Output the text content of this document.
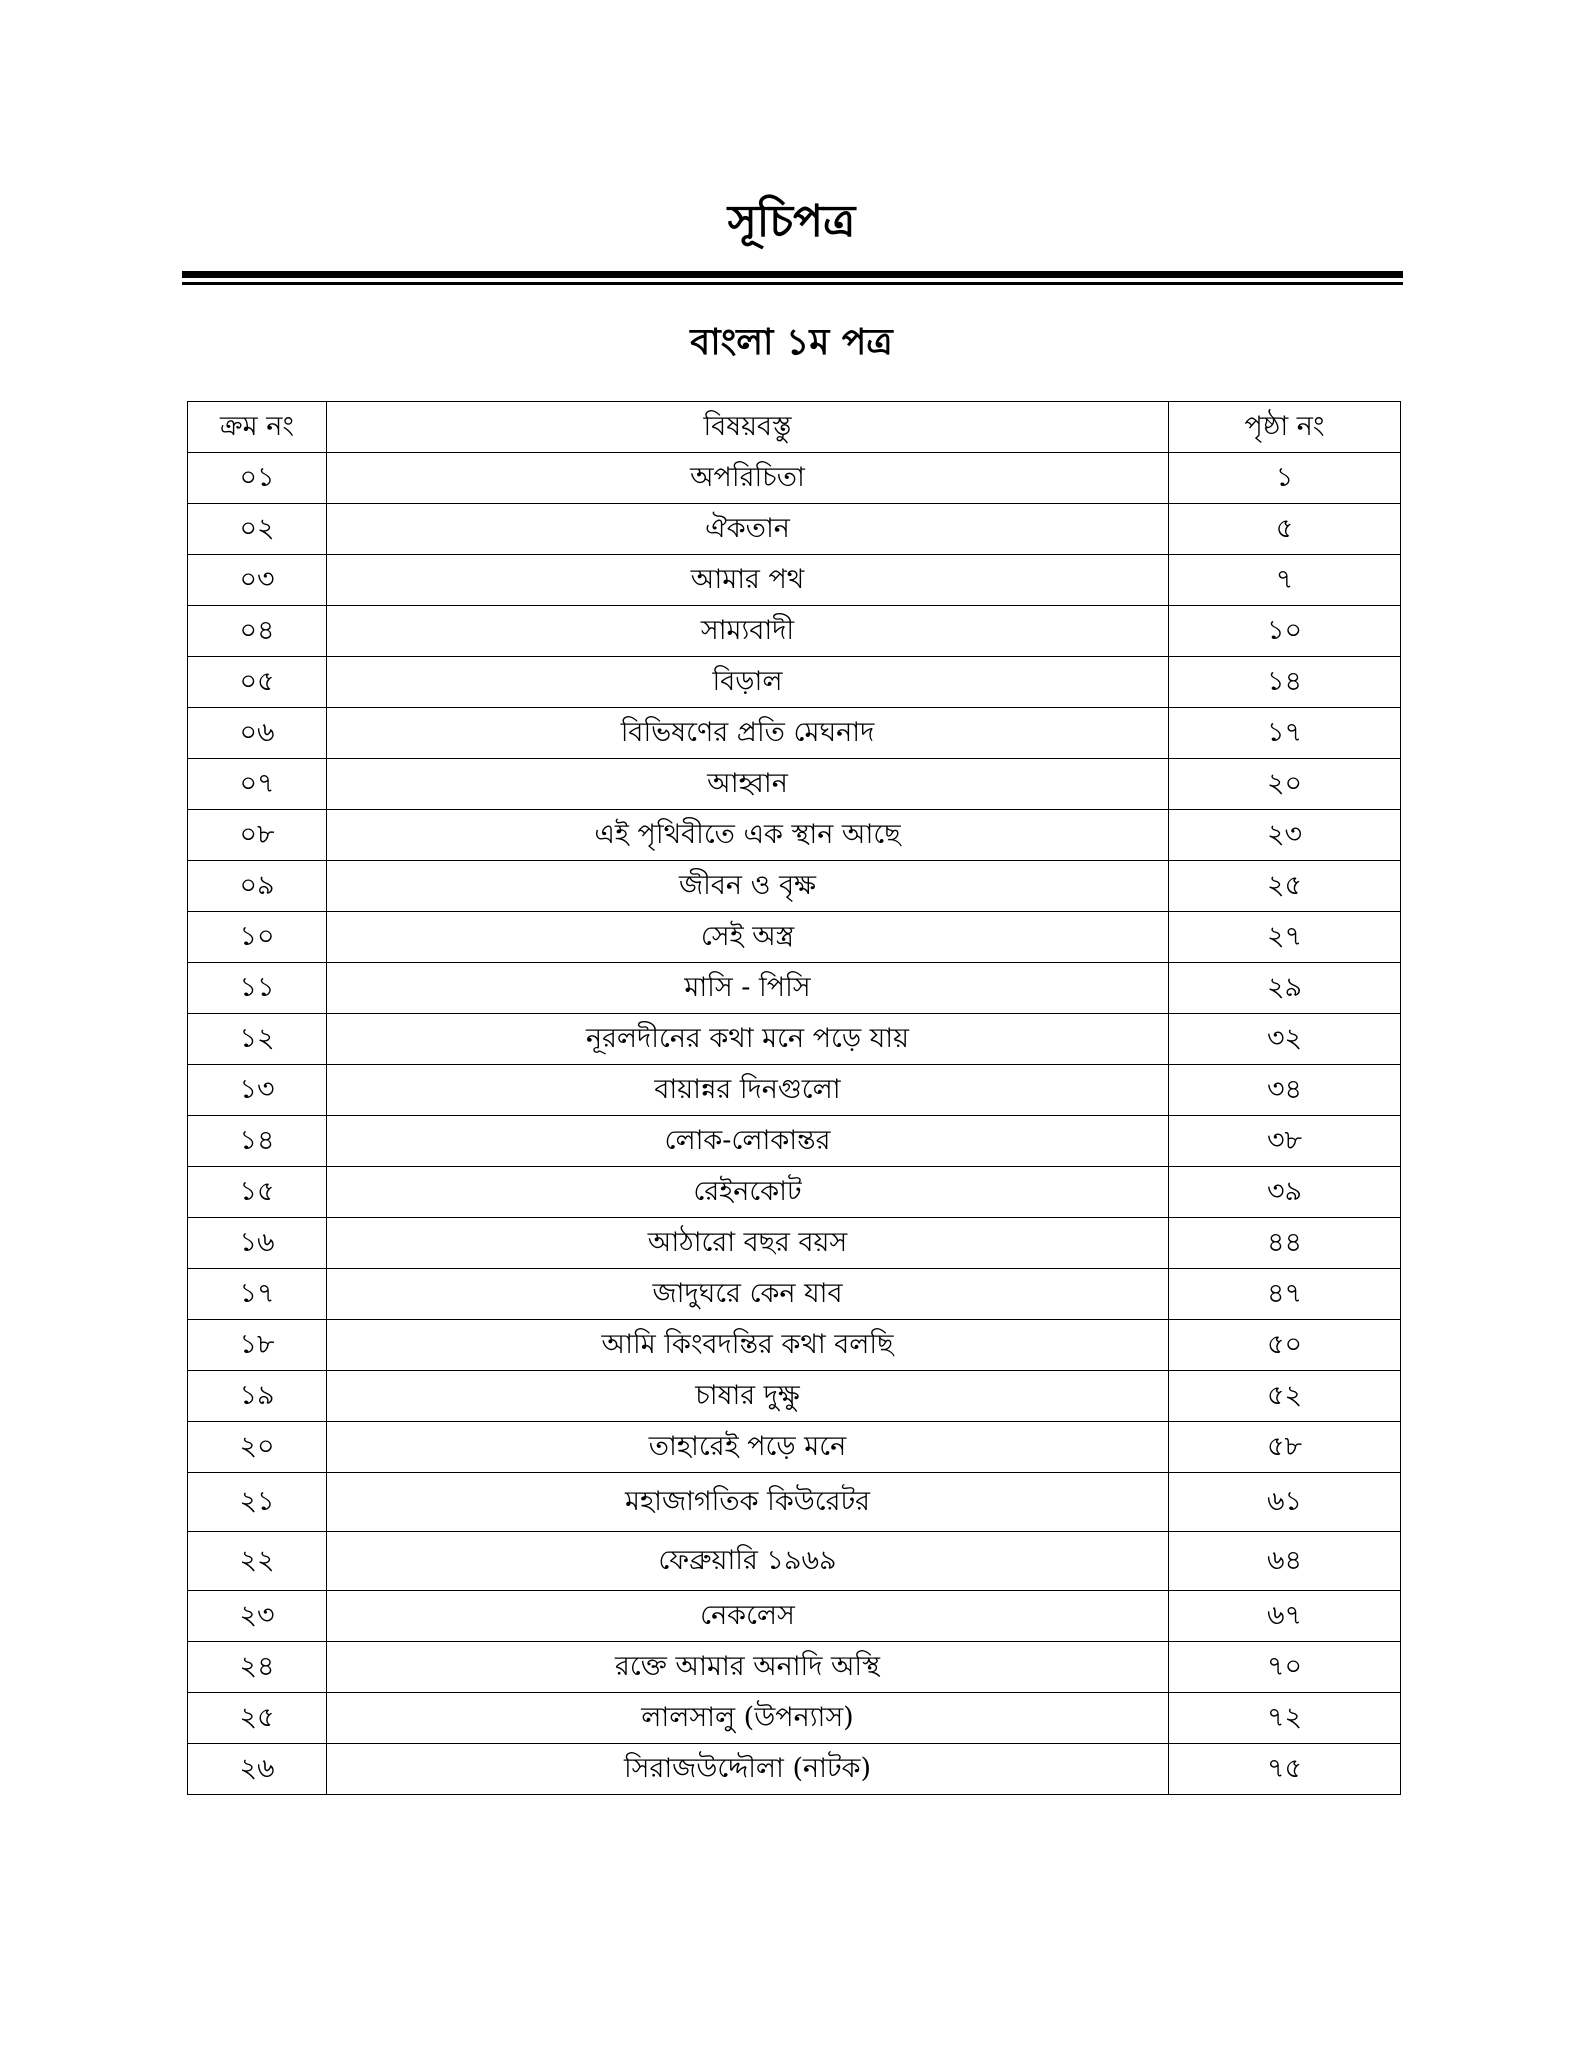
সূচিপত্র
বাংলা ১ম পত্র
ক্রম নং	বিষয়বস্তু	পৃষ্ঠা নং
০১	অপরিচিতা	১
০২	ঐকতান	৫
০৩	আমার পথ	৭
০৪	সাম্যবাদী	১০
০৫	বিড়াল	১৪
০৬	বিভিষণের প্রতি মেঘনাদ	১৭
০৭	আহ্বান	২০
০৮	এই পৃথিবীতে এক স্থান আছে	২৩
০৯	জীবন ও বৃক্ষ	২৫
১০	সেই অস্ত্র	২৭
১১	মাসি - পিসি	২৯
১২	নূরলদীনের কথা মনে পড়ে যায়	৩২
১৩	বায়ান্নর দিনগুলো	৩৪
১৪	লোক-লোকান্তর	৩৮
১৫	রেইনকোট	৩৯
১৬	আঠারো বছর বয়স	৪৪
১৭	জাদুঘরে কেন যাব	৪৭
১৮	আমি কিংবদন্তির কথা বলছি	৫০
১৯	চাষার দুক্ষু	৫২
২০	তাহারেই পড়ে মনে	৫৮
২১	মহাজাগতিক কিউরেটর	৬১
২২	ফেব্রুয়ারি ১৯৬৯	৬৪
২৩	নেকলেস	৬৭
২৪	রক্তে আমার অনাদি অস্থি	৭০
২৫	লালসালু (উপন্যাস)	৭২
২৬	সিরাজউদ্দৌলা (নাটক)	৭৫
